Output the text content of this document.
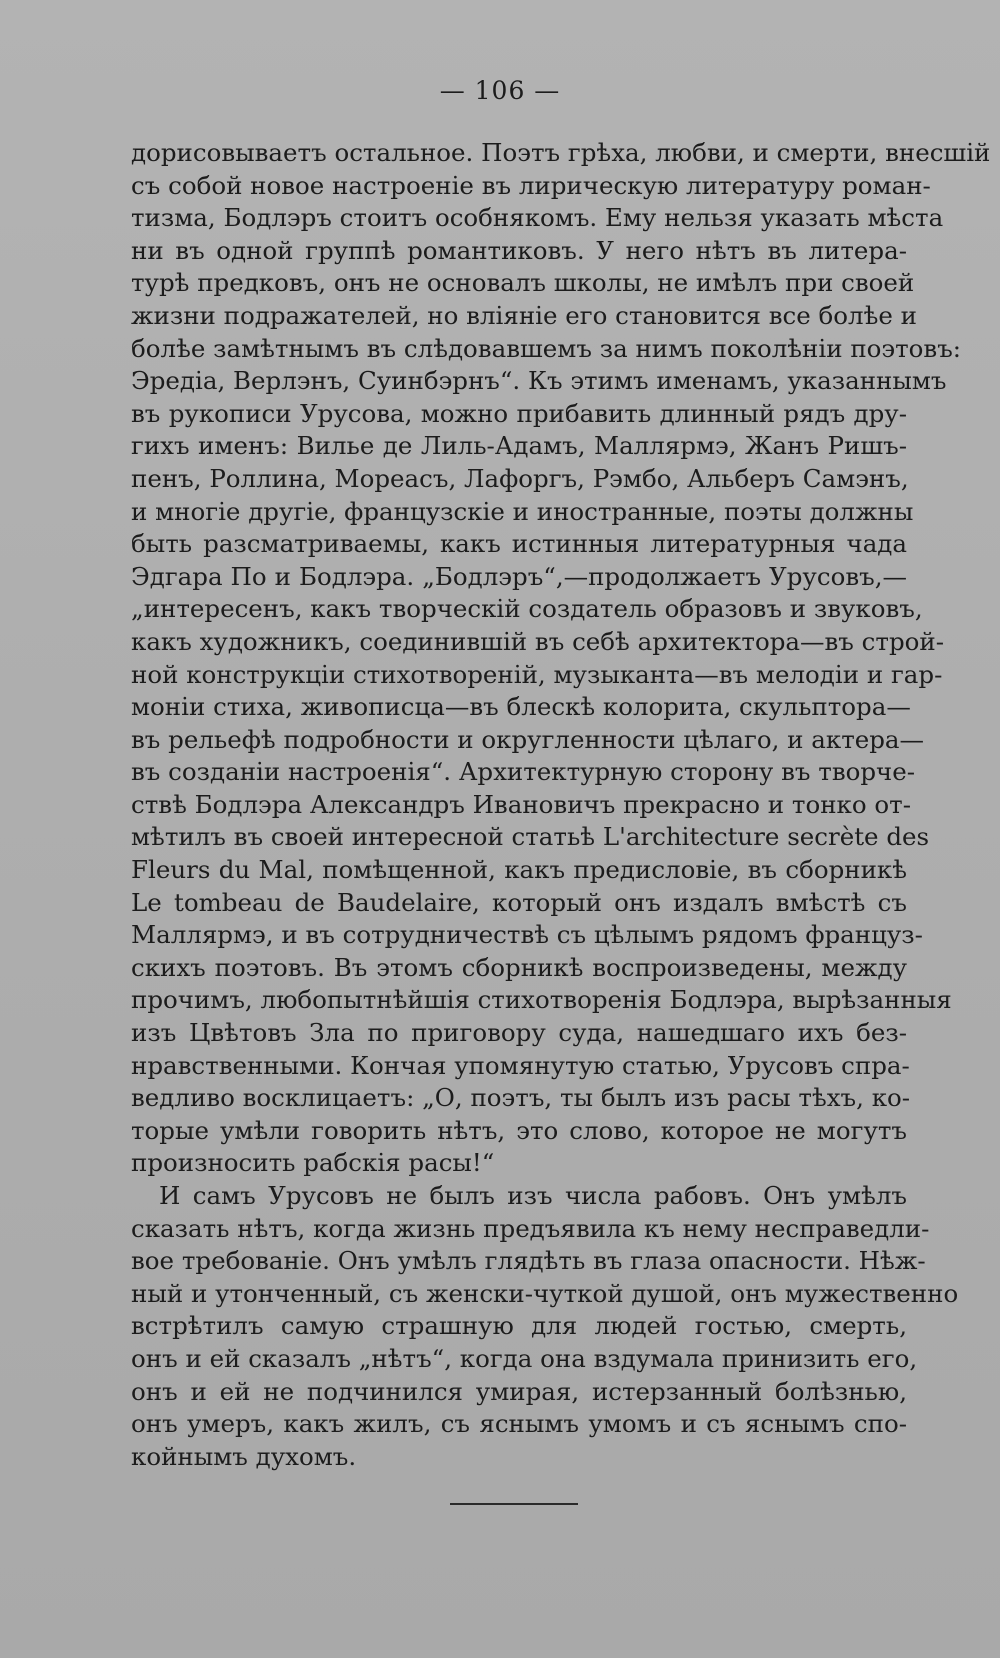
— 106 —
дорисовываетъ остальное. Поэтъ грѣха, любви, и смерти, внесшій
съ собой новое настроеніе въ лирическую литературу роман-
тизма, Бодлэръ стоитъ особнякомъ. Ему нельзя указать мѣста
ни въ одной группѣ романтиковъ. У него нѣтъ въ литера-
турѣ предковъ, онъ не основалъ школы, не имѣлъ при своей
жизни подражателей, но вліяніе его становится все болѣе и
болѣе замѣтнымъ въ слѣдовавшемъ за нимъ поколѣніи поэтовъ:
Эредіа, Верлэнъ, Суинбэрнъ“. Къ этимъ именамъ, указаннымъ
въ рукописи Урусова, можно прибавить длинный рядъ дру-
гихъ именъ: Вилье де Лиль-Адамъ, Маллярмэ, Жанъ Ришъ-
пенъ, Роллина, Мореасъ, Лафоргъ, Рэмбо, Альберъ Самэнъ,
и многіе другіе, французскіе и иностранные, поэты должны
быть разсматриваемы, какъ истинныя литературныя чада
Эдгара По и Бодлэра. „Бодлэръ“,—продолжаетъ Урусовъ,—
„интересенъ, какъ творческій создатель образовъ и звуковъ,
какъ художникъ, соединившій въ себѣ архитектора—въ строй-
ной конструкціи стихотвореній, музыканта—въ мелодіи и гар-
моніи стиха, живописца—въ блескѣ колорита, скульптора—
въ рельефѣ подробности и округленности цѣлаго, и актера—
въ созданіи настроенія“. Архитектурную сторону въ творче-
ствѣ Бодлэра Александръ Ивановичъ прекрасно и тонко от-
мѣтилъ въ своей интересной статьѣ L'architecture secrète des
Fleurs du Mal, помѣщенной, какъ предисловіе, въ сборникѣ
Le tombeau de Baudelaire, который онъ издалъ вмѣстѣ съ
Маллярмэ, и въ сотрудничествѣ съ цѣлымъ рядомъ француз-
скихъ поэтовъ. Въ этомъ сборникѣ воспроизведены, между
прочимъ, любопытнѣйшія стихотворенія Бодлэра, вырѣзанныя
изъ Цвѣтовъ Зла по приговору суда, нашедшаго ихъ без-
нравственными. Кончая упомянутую статью, Урусовъ спра-
ведливо восклицаетъ: „О, поэтъ, ты былъ изъ расы тѣхъ, ко-
торые умѣли говорить нѣтъ, это слово, которое не могутъ
произносить рабскія расы!“
И самъ Урусовъ не былъ изъ числа рабовъ. Онъ умѣлъ
сказать нѣтъ, когда жизнь предъявила къ нему несправедли-
вое требованіе. Онъ умѣлъ глядѣть въ глаза опасности. Нѣж-
ный и утонченный, съ женски-чуткой душой, онъ мужественно
встрѣтилъ самую страшную для людей гостью, смерть,
онъ и ей сказалъ „нѣтъ“, когда она вздумала принизить его,
онъ и ей не подчинился умирая, истерзанный болѣзнью,
онъ умеръ, какъ жилъ, съ яснымъ умомъ и съ яснымъ спо-
койнымъ духомъ.
